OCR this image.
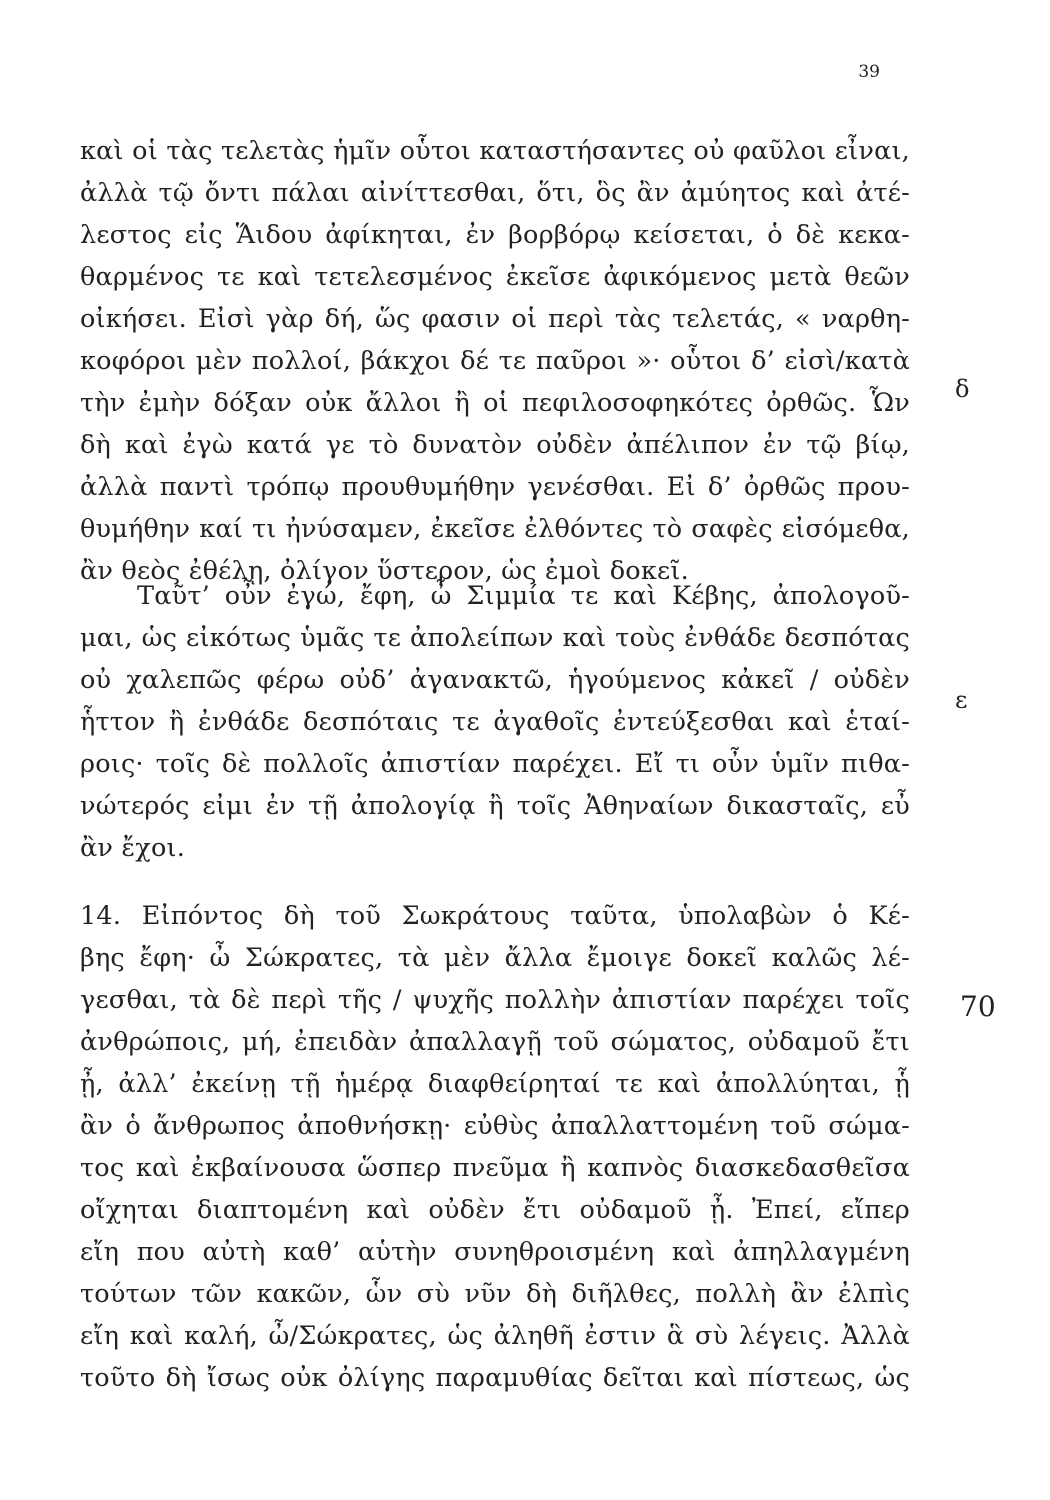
39
καὶ οἱ τὰς τελετὰς ἡμῖν οὗτοι καταστήσαντες οὐ φαῦλοι εἶναι,
ἀλλὰ τῷ ὄντι πάλαι αἰνίττεσθαι, ὅτι, ὃς ἂν ἀμύητος καὶ ἀτέ-
λεστος εἰς Ἅιδου ἀφίκηται, ἐν βορβόρῳ κείσεται, ὁ δὲ κεκα-
θαρμένος τε καὶ τετελεσμένος ἐκεῖσε ἀφικόμενος μετὰ θεῶν
οἰκήσει. Εἰσὶ γὰρ δή, ὥς φασιν οἱ περὶ τὰς τελετάς, « ναρθη-
κοφόροι μὲν πολλοί, βάκχοι δέ τε παῦροι »· οὗτοι δ’ εἰσὶ/κατὰ
τὴν ἐμὴν δόξαν οὐκ ἄλλοι ἢ οἱ πεφιλοσοφηκότες ὀρθῶς. Ὧν
δὴ καὶ ἐγὼ κατά γε τὸ δυνατὸν οὐδὲν ἀπέλιπον ἐν τῷ βίῳ,
ἀλλὰ παντὶ τρόπῳ προυθυμήθην γενέσθαι. Εἰ δ’ ὀρθῶς πρου-
θυμήθην καί τι ἠνύσαμεν, ἐκεῖσε ἐλθόντες τὸ σαφὲς εἰσόμεθα,
ἂν θεὸς ἐθέλῃ, ὀλίγον ὕστερον, ὡς ἐμοὶ δοκεῖ.
Ταῦτ’ οὖν ἐγώ, ἔφη, ὦ Σιμμία τε καὶ Κέβης, ἀπολογοῦ-
μαι, ὡς εἰκότως ὑμᾶς τε ἀπολείπων καὶ τοὺς ἐνθάδε δεσπότας
οὐ χαλεπῶς φέρω οὐδ’ ἀγανακτῶ, ἡγούμενος κἀκεῖ / οὐδὲν
ἧττον ἢ ἐνθάδε δεσπόταις τε ἀγαθοῖς ἐντεύξεσθαι καὶ ἑταί-
ροις· τοῖς δὲ πολλοῖς ἀπιστίαν παρέχει. Εἴ τι οὖν ὑμῖν πιθα-
νώτερός εἰμι ἐν τῇ ἀπολογίᾳ ἢ τοῖς Ἀθηναίων δικασταῖς, εὖ
ἂν ἔχοι.
14. Εἰπόντος δὴ τοῦ Σωκράτους ταῦτα, ὑπολαβὼν ὁ Κέ-
βης ἔφη· ὦ Σώκρατες, τὰ μὲν ἄλλα ἔμοιγε δοκεῖ καλῶς λέ-
γεσθαι, τὰ δὲ περὶ τῆς / ψυχῆς πολλὴν ἀπιστίαν παρέχει τοῖς
ἀνθρώποις, μή, ἐπειδὰν ἀπαλλαγῇ τοῦ σώματος, οὐδαμοῦ ἔτι
ᾖ, ἀλλ’ ἐκείνῃ τῇ ἡμέρᾳ διαφθείρηταί τε καὶ ἀπολλύηται, ᾗ
ἂν ὁ ἄνθρωπος ἀποθνήσκῃ· εὐθὺς ἀπαλλαττομένη τοῦ σώμα-
τος καὶ ἐκβαίνουσα ὥσπερ πνεῦμα ἢ καπνὸς διασκεδασθεῖσα
οἴχηται διαπτομένη καὶ οὐδὲν ἔτι οὐδαμοῦ ᾖ. Ἐπεί, εἴπερ
εἴη που αὐτὴ καθ’ αὑτὴν συνηθροισμένη καὶ ἀπηλλαγμένη
τούτων τῶν κακῶν, ὧν σὺ νῦν δὴ διῆλθες, πολλὴ ἂν ἐλπὶς
εἴη καὶ καλή, ὦ/Σώκρατες, ὡς ἀληθῆ ἐστιν ἃ σὺ λέγεις. Ἀλλὰ
τοῦτο δὴ ἴσως οὐκ ὀλίγης παραμυθίας δεῖται καὶ πίστεως, ὡς
δ
ε
70
